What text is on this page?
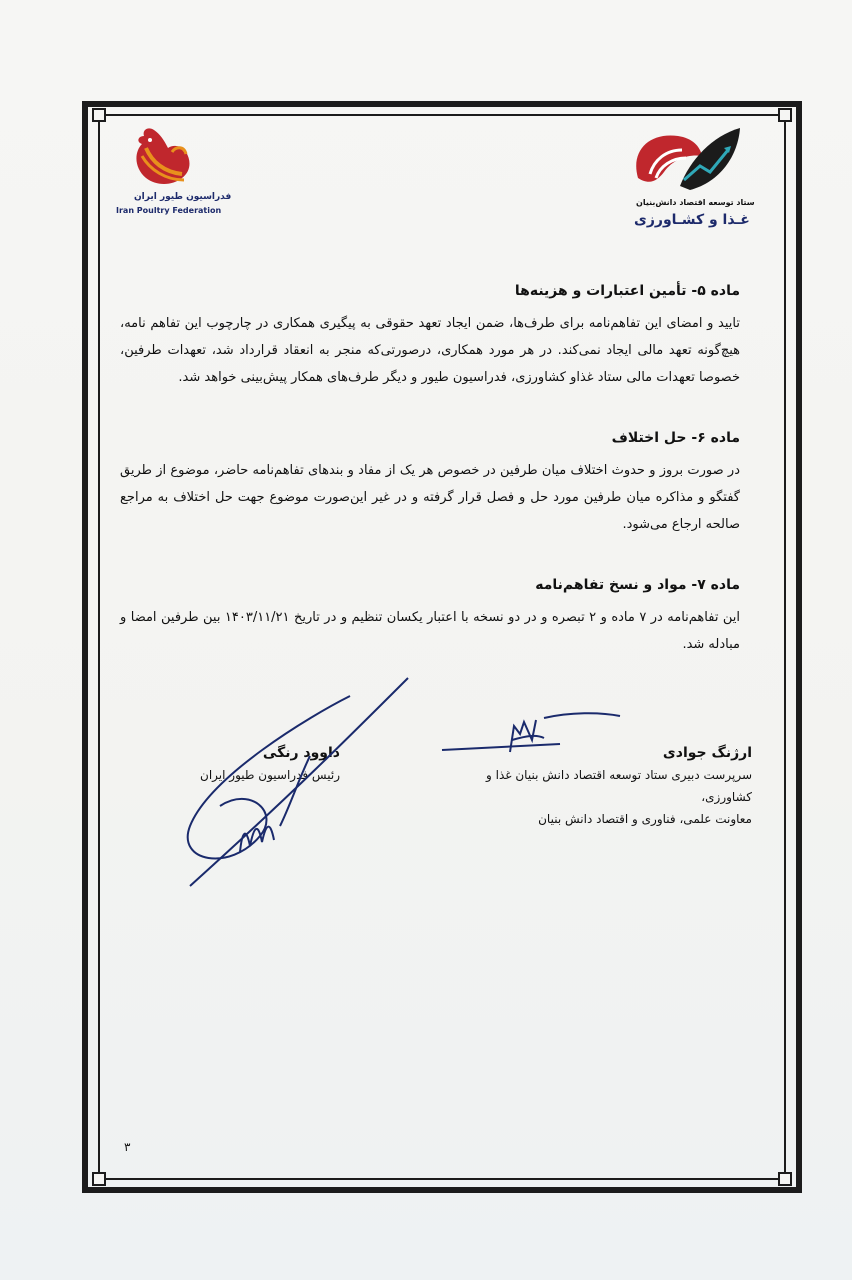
ستاد توسعه اقتصاد دانش‌بنیان
غـذا و کشـاورزی
فدراسیون طیور ایران
Iran Poultry Federation
ماده ۵- تأمین اعتبارات و هزینه‌ها

تایید و امضای این تفاهم‌نامه برای طرف‌ها، ضمن ایجاد تعهد حقوقی به پیگیری همکاری در چارچوب این تفاهم نامه، هیچ‌گونه تعهد مالی ایجاد نمی‌کند. در هر مورد همکاری، درصورتی‌که منجر به انعقاد قرارداد شد، تعهدات طرفین، خصوصا تعهدات مالی ستاد غذاو کشاورزی، فدراسیون طیور و دیگر طرف‌های همکار پیش‌بینی خواهد شد.

ماده ۶- حل اختلاف

در صورت بروز و حدوث اختلاف میان طرفین در خصوص هر یک از مفاد و بندهای تفاهم‌نامه حاضر، موضوع از طریق گفتگو و مذاکره میان طرفین مورد حل و فصل قرار گرفته و در غیر این‌صورت موضوع جهت حل اختلاف به مراجع صالحه ارجاع می‌شود.

ماده ۷- مواد و نسخ تفاهم‌نامه

این تفاهم‌نامه در ۷ ماده و ۲ تبصره و در دو نسخه با اعتبار یکسان تنظیم و در تاریخ ۱۴۰۳/۱۱/۲۱ بین طرفین امضا و مبادله شد.

ارژنگ جوادی
سرپرست دبیری ستاد توسعه اقتصاد دانش بنیان غذا و کشاورزی،
معاونت علمی، فناوری و اقتصاد دانش بنیان
داوود رنگی
رئیس فدراسیون طیور ایران
۳
